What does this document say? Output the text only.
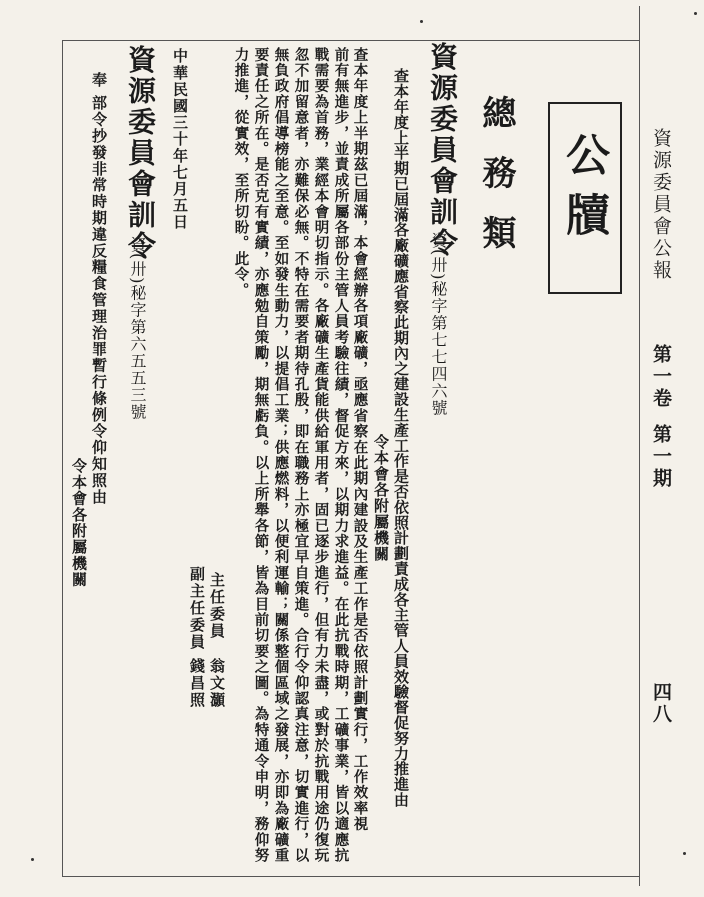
資源委員會公報
第一卷
第一期
四八
公牘
總務類
資源委員會訓令
資(卅)秘字第七七四六號
查本年度上半期已屆滿各廠礦應省察此期內之建設生產工作是否依照計劃責成各主管人員效驗督促努力推進由
令本會各附屬機關
查本年度上半期茲已屆滿，本會經辦各項廠礦，亟應省察在此期內建設及生產工作是否依照計劃實行，工作效率視
前有無進步，並責成所屬各部份主管人員考驗往績，督促方來，以期力求進益。在此抗戰時期，工礦事業，皆以適應抗
戰需要為首務，業經本會明切指示。各廠礦生產貨能供給軍用者，固已逐步進行，但有力未盡，或對於抗戰用途仍復玩
忽不加留意者，亦難保必無。不特在需要者期待孔殷，即在職務上亦極宜早自策進。合行令仰認真注意，切實進行，以
無負政府倡導榜能之至意。至如發生動力，以提倡工業；供應燃料，以便利運輸；關係整個區域之發展，亦即為廠礦重
要責任之所在。是否克有實績，亦應勉自策勵，期無虧負。以上所舉各節，皆為目前切要之圖。為特通令申明，務仰努
力推進，從實效，至所切盼。此令。
主任委員
翁文灝
副主任委員
錢昌照
中華民國三十年七月五日
資源委員會訓令
資(卅)秘字第六五五三號
奉 部令抄發非常時期違反糧食管理治罪暫行條例令仰知照由
令本會各附屬機關
